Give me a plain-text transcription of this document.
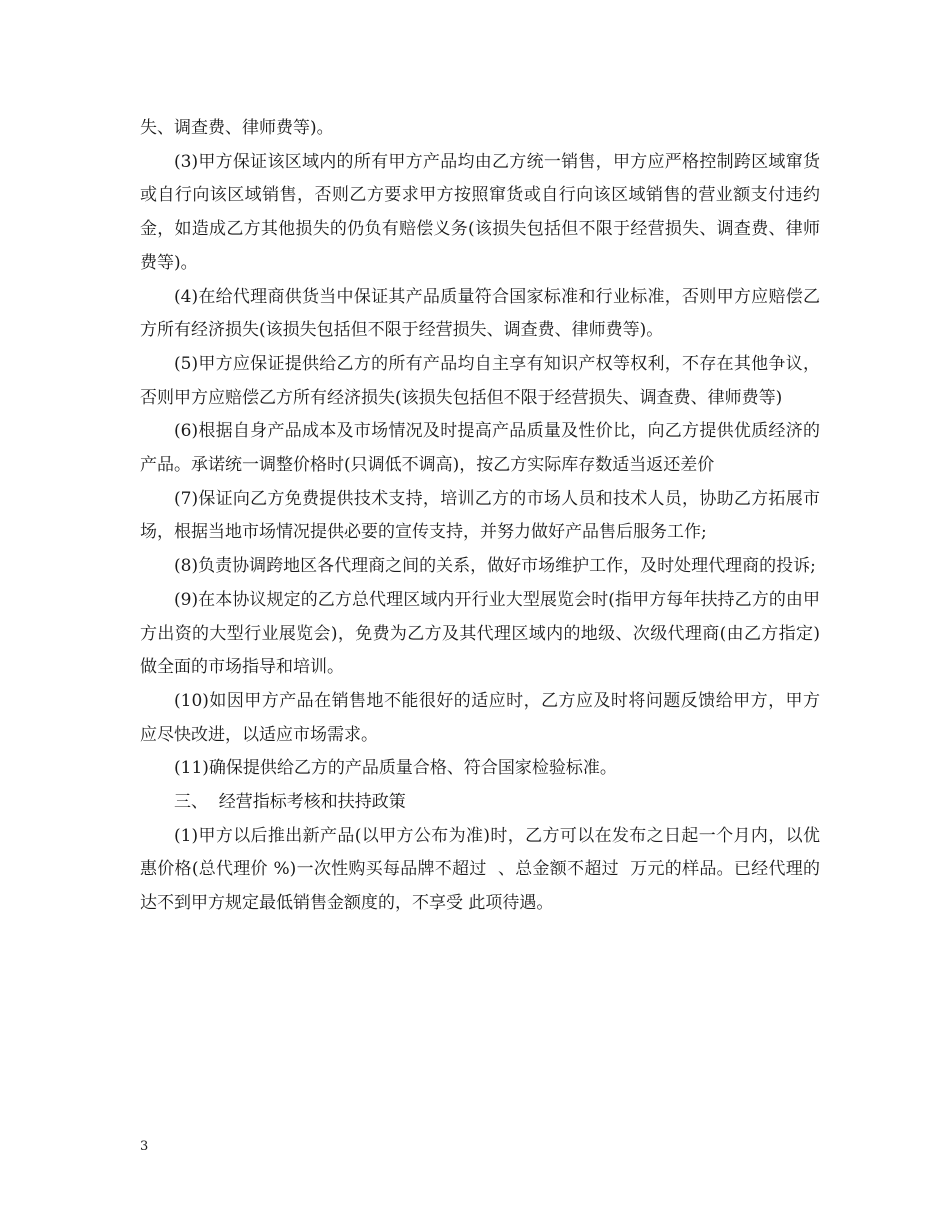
失、调查费、律师费等)。

(3)甲方保证该区域内的所有甲方产品均由乙方统一销售，甲方应严格控制跨区域窜货或自行向该区域销售，否则乙方要求甲方按照窜货或自行向该区域销售的营业额支付违约金，如造成乙方其他损失的仍负有赔偿义务(该损失包括但不限于经营损失、调查费、律师费等)。

(4)在给代理商供货当中保证其产品质量符合国家标准和行业标准，否则甲方应赔偿乙方所有经济损失(该损失包括但不限于经营损失、调查费、律师费等)。

(5)甲方应保证提供给乙方的所有产品均自主享有知识产权等权利，不存在其他争议，否则甲方应赔偿乙方所有经济损失(该损失包括但不限于经营损失、调查费、律师费等)

(6)根据自身产品成本及市场情况及时提高产品质量及性价比，向乙方提供优质经济的产品。承诺统一调整价格时(只调低不调高)，按乙方实际库存数适当返还差价

(7)保证向乙方免费提供技术支持，培训乙方的市场人员和技术人员，协助乙方拓展市场，根据当地市场情况提供必要的宣传支持，并努力做好产品售后服务工作;

(8)负责协调跨地区各代理商之间的关系，做好市场维护工作，及时处理代理商的投诉;

(9)在本协议规定的乙方总代理区域内开行业大型展览会时(指甲方每年扶持乙方的由甲方出资的大型行业展览会)，免费为乙方及其代理区域内的地级、次级代理商(由乙方指定)做全面的市场指导和培训。

(10)如因甲方产品在销售地不能很好的适应时，乙方应及时将问题反馈给甲方，甲方应尽快改进，以适应市场需求。

(11)确保提供给乙方的产品质量合格、符合国家检验标准。

三、  经营指标考核和扶持政策

(1)甲方以后推出新产品(以甲方公布为准)时，乙方可以在发布之日起一个月内，以优惠价格(总代理价 %)一次性购买每品牌不超过  、总金额不超过  万元的样品。已经代理的达不到甲方规定最低销售金额度的，不享受 此项待遇。

3
